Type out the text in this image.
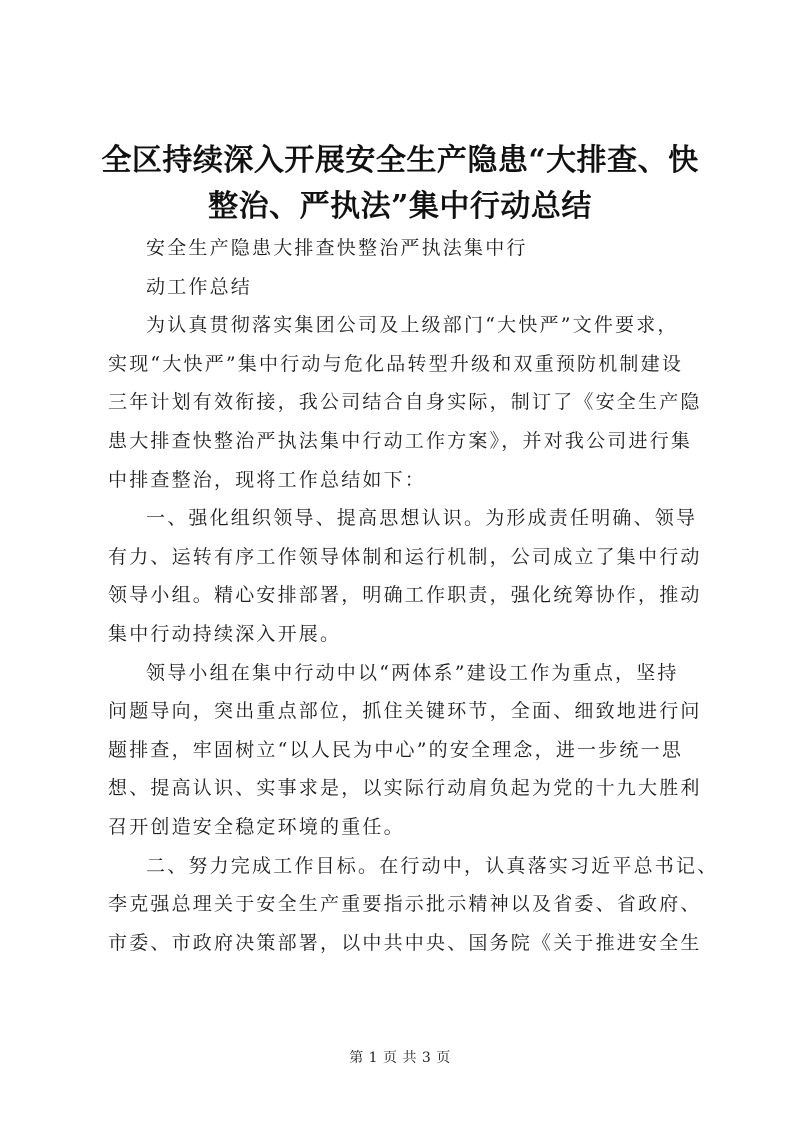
全区持续深入开展安全生产隐患“大排查、快
整治、严执法”集中行动总结

安全生产隐患大排查快整治严执法集中行

动工作总结

为认真贯彻落实集团公司及上级部门“大快严”文件要求，
实现“大快严”集中行动与危化品转型升级和双重预防机制建设
三年计划有效衔接，我公司结合自身实际，制订了《安全生产隐
患大排查快整治严执法集中行动工作方案》，并对我公司进行集
中排查整治，现将工作总结如下：

一、强化组织领导、提高思想认识。为形成责任明确、领导
有力、运转有序工作领导体制和运行机制，公司成立了集中行动
领导小组。精心安排部署，明确工作职责，强化统筹协作，推动
集中行动持续深入开展。

领导小组在集中行动中以“两体系”建设工作为重点，坚持
问题导向，突出重点部位，抓住关键环节，全面、细致地进行问
题排查，牢固树立“以人民为中心”的安全理念，进一步统一思
想、提高认识、实事求是，以实际行动肩负起为党的十九大胜利
召开创造安全稳定环境的重任。

二、努力完成工作目标。在行动中，认真落实习近平总书记、
李克强总理关于安全生产重要指示批示精神以及省委、省政府、
市委、市政府决策部署，以中共中央、国务院《关于推进安全生

第 1 页 共 3 页
